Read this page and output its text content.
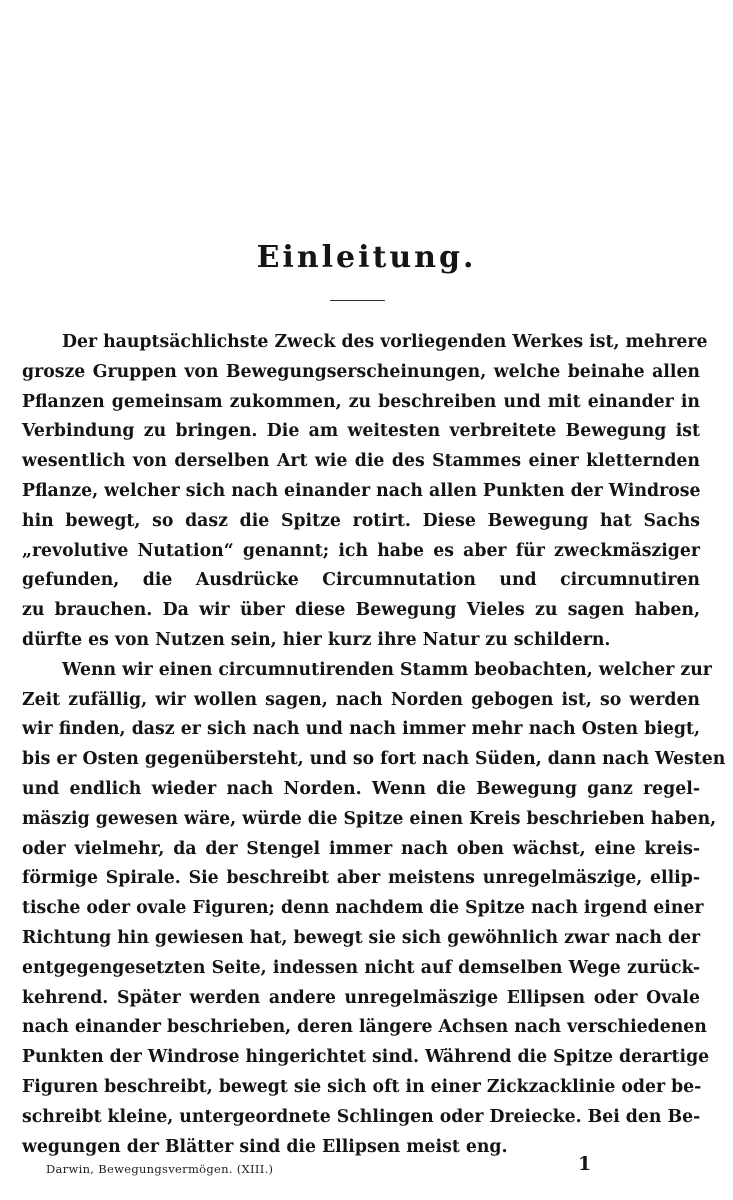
Einleitung.
Der hauptsächlichste Zweck des vorliegenden Werkes ist, mehrere
grosze Gruppen von Bewegungserscheinungen, welche beinahe allen
Pflanzen gemeinsam zukommen, zu beschreiben und mit einander in
Verbindung zu bringen. Die am weitesten verbreitete Bewegung ist
wesentlich von derselben Art wie die des Stammes einer kletternden
Pflanze, welcher sich nach einander nach allen Punkten der Windrose
hin bewegt, so dasz die Spitze rotirt. Diese Bewegung hat Sachs
„revolutive Nutation“ genannt; ich habe es aber für zweckmäsziger
gefunden, die Ausdrücke Circumnutation und circumnutiren
zu brauchen. Da wir über diese Bewegung Vieles zu sagen haben,
dürfte es von Nutzen sein, hier kurz ihre Natur zu schildern.
Wenn wir einen circumnutirenden Stamm beobachten, welcher zur
Zeit zufällig, wir wollen sagen, nach Norden gebogen ist, so werden
wir finden, dasz er sich nach und nach immer mehr nach Osten biegt,
bis er Osten gegenübersteht, und so fort nach Süden, dann nach Westen
und endlich wieder nach Norden. Wenn die Bewegung ganz regel-
mäszig gewesen wäre, würde die Spitze einen Kreis beschrieben haben,
oder vielmehr, da der Stengel immer nach oben wächst, eine kreis-
förmige Spirale. Sie beschreibt aber meistens unregelmäszige, ellip-
tische oder ovale Figuren; denn nachdem die Spitze nach irgend einer
Richtung hin gewiesen hat, bewegt sie sich gewöhnlich zwar nach der
entgegengesetzten Seite, indessen nicht auf demselben Wege zurück-
kehrend. Später werden andere unregelmäszige Ellipsen oder Ovale
nach einander beschrieben, deren längere Achsen nach verschiedenen
Punkten der Windrose hingerichtet sind. Während die Spitze derartige
Figuren beschreibt, bewegt sie sich oft in einer Zickzacklinie oder be-
schreibt kleine, untergeordnete Schlingen oder Dreiecke. Bei den Be-
wegungen der Blätter sind die Ellipsen meist eng.
Darwin, Bewegungsvermögen. (XIII.)	1
